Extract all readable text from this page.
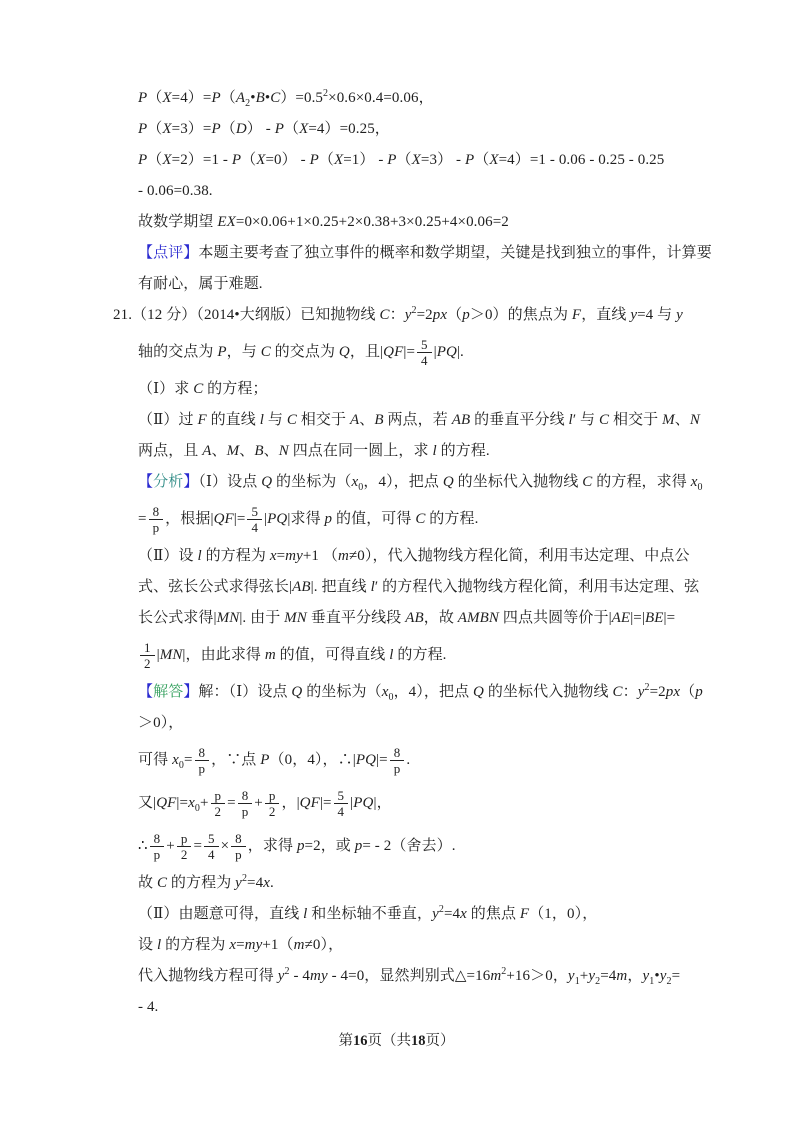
$P(X=4)=P(A_2•B•C)=0.5^2\times 0.6\times 0.4=0.06$，
P（X=3）=P（D） - P（X=4）=0.25，
P（X=2）=1 - P（X=0） - P（X=1） - P（X=3） - P（X=4）=1 - 0.06 - 0.25 - 0.25
- 0.06=0.38.
故数学期望 EX=0×0.06+1×0.25+2×0.38+3×0.25+4×0.06=2
【点评】本题主要考查了独立事件的概率和数学期望，关键是找到独立的事件，计算要
有耐心，属于难题.
21.（12 分）（2014•大纲版）已知抛物线 C：$y^2=2px(p>0)$的焦点为 F，直线 y=4 与 y
轴的交点为 P，与 C 的交点为 Q，且$|QF|= \frac{5}{4} |PQ|$.
（Ⅰ）求 C 的方程；
（Ⅱ）过 F 的直线 l 与 C 相交于 A、B 两点，若 AB 的垂直平分线 l′ 与 C 相交于 M、N
两点，且 A、M、B、N 四点在同一圆上，求 l 的方程.
【分析】（Ⅰ）设点 Q 的坐标为（$x_0$，4），把点 Q 的坐标代入抛物线 C 的方程，求得 $x_0$
= $\frac{8}{p}$ ，根据$|QF|= \frac{5}{4} |PQ|$求得 p 的值，可得 C 的方程.
（Ⅱ）设 l 的方程为 x=my+1 （m≠0），代入抛物线方程化简，利用韦达定理、中点公
式、弦长公式求得弦长|AB|. 把直线 l′ 的方程代入抛物线方程化简，利用韦达定理、弦
长公式求得|MN|. 由于 MN 垂直平分线段 AB，故 AMBN 四点共圆等价于|AE|=|BE|=
$\frac{1}{2} |MN|$，由此求得 m 的值，可得直线 l 的方程.
【解答】解：（Ⅰ）设点 Q 的坐标为（$x_0$，4），把点 Q 的坐标代入抛物线 C：$y^2=2px(p$
＞0），
可得 $x_0= \frac{8}{p}$ ，∵点 P（0，4），∴|PQ|= $\frac{8}{p}$ .
又$|QF|=x_0+ \frac{p}{2} = \frac{8}{p} + \frac{p}{2}$ ，$|QF|= \frac{5}{4} |PQ|$，
∴ $\frac{8}{p} + \frac{p}{2} = \frac{5}{4} \times \frac{8}{p}$ ，求得 p=2，或 p= - 2（舍去）.
故 C 的方程为 $y^2=4x$.
（Ⅱ）由题意可得，直线 l 和坐标轴不垂直，$y^2=4x$ 的焦点 F（1，0），
设 l 的方程为 x=my+1（m≠0），
代入抛物线方程可得 $y^2 - 4my - 4=0$，显然判别式$\triangle=16m^2+16>0$，$y_1+y_2=4m$，$y_1•y_2=$
- 4.
第16页（共18页）
